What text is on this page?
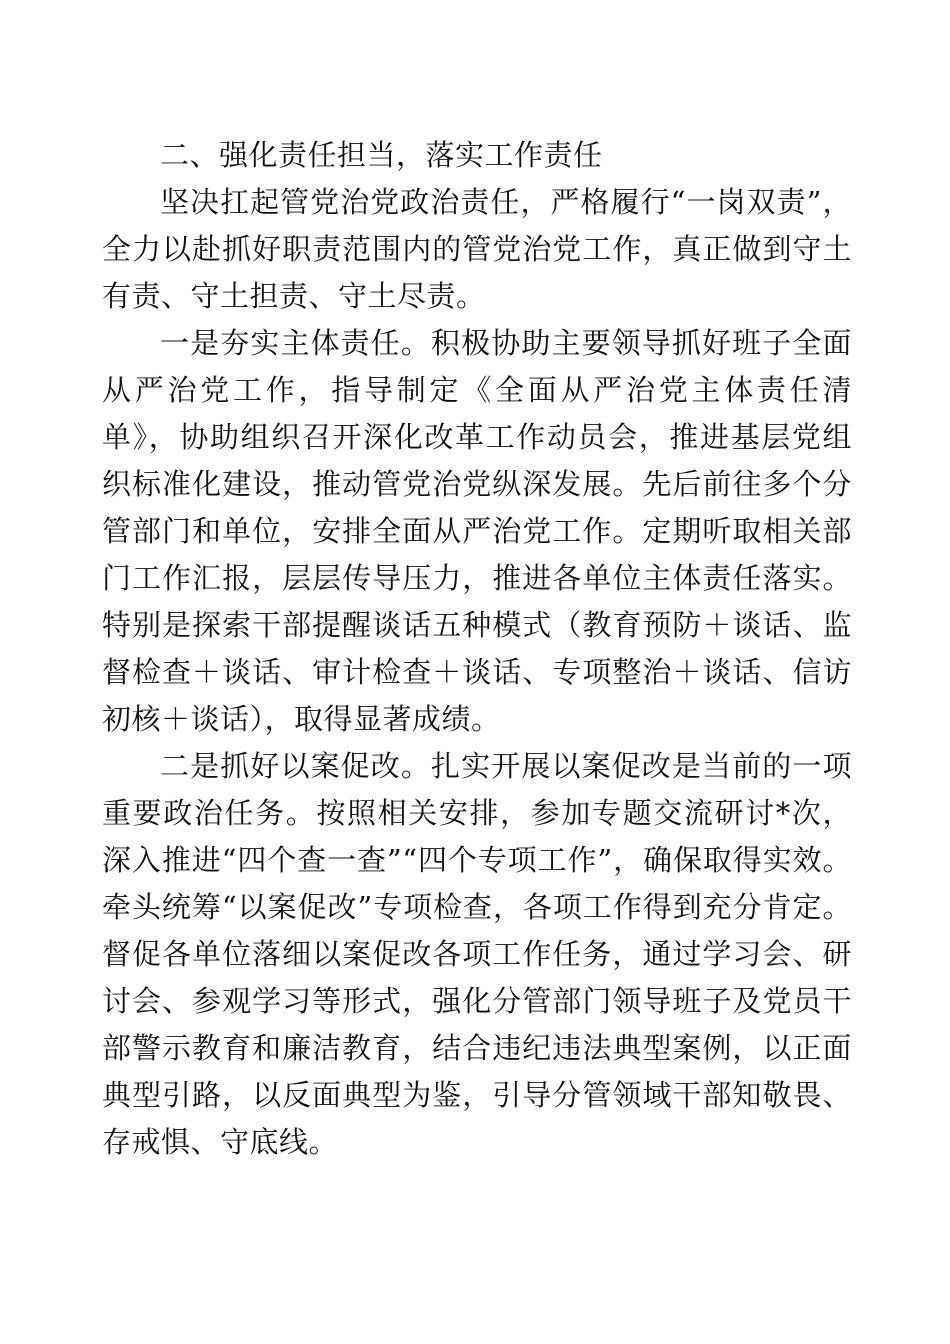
二、强化责任担当，落实工作责任

坚决扛起管党治党政治责任，严格履行“一岗双责”，全力以赴抓好职责范围内的管党治党工作，真正做到守土有责、守土担责、守土尽责。

一是夯实主体责任。积极协助主要领导抓好班子全面从严治党工作，指导制定《全面从严治党主体责任清单》，协助组织召开深化改革工作动员会，推进基层党组织标准化建设，推动管党治党纵深发展。先后前往多个分管部门和单位，安排全面从严治党工作。定期听取相关部门工作汇报，层层传导压力，推进各单位主体责任落实。特别是探索干部提醒谈话五种模式（教育预防＋谈话、监督检查＋谈话、审计检查＋谈话、专项整治＋谈话、信访初核＋谈话），取得显著成绩。

二是抓好以案促改。扎实开展以案促改是当前的一项重要政治任务。按照相关安排，参加专题交流研讨*次，深入推进“四个查一查”“四个专项工作”，确保取得实效。牵头统筹“以案促改”专项检查，各项工作得到充分肯定。督促各单位落细以案促改各项工作任务，通过学习会、研讨会、参观学习等形式，强化分管部门领导班子及党员干部警示教育和廉洁教育，结合违纪违法典型案例，以正面典型引路，以反面典型为鉴，引导分管领域干部知敬畏、存戒惧、守底线。
